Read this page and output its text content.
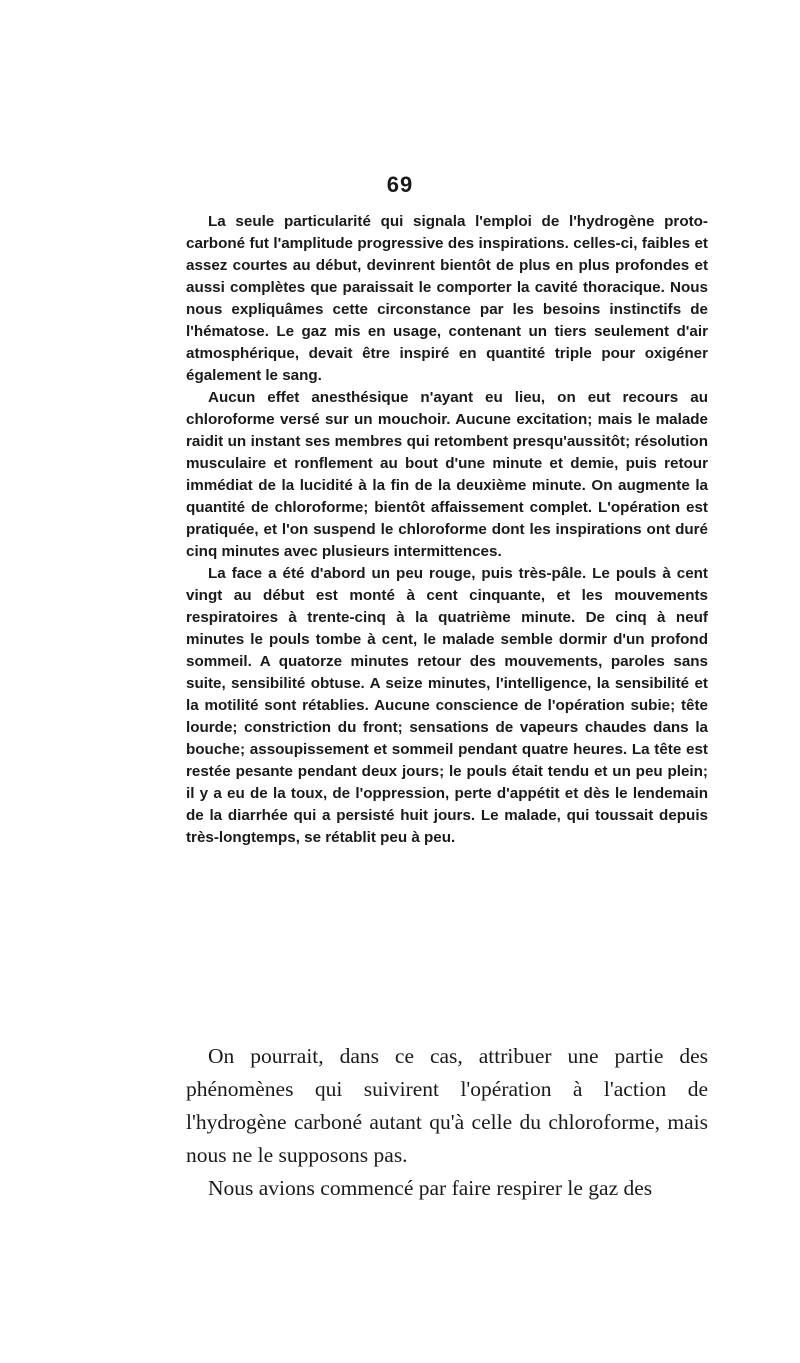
69

La seule particularité qui signala l'emploi de l'hydrogène proto-carboné fut l'amplitude progressive des inspirations. celles-ci, faibles et assez courtes au début, devinrent bientôt de plus en plus profondes et aussi complètes que paraissait le comporter la cavité thoracique. Nous nous expliquâmes cette circonstance par les besoins instinctifs de l'hématose. Le gaz mis en usage, contenant un tiers seulement d'air atmosphérique, devait être inspiré en quantité triple pour oxigéner également le sang.

Aucun effet anesthésique n'ayant eu lieu, on eut recours au chloroforme versé sur un mouchoir. Aucune excitation; mais le malade raidit un instant ses membres qui retombent presqu'aussitôt; résolution musculaire et ronflement au bout d'une minute et demie, puis retour immédiat de la lucidité à la fin de la deuxième minute. On augmente la quantité de chloroforme; bientôt affaissement complet. L'opération est pratiquée, et l'on suspend le chloroforme dont les inspirations ont duré cinq minutes avec plusieurs intermittences.

La face a été d'abord un peu rouge, puis très-pâle. Le pouls à cent vingt au début est monté à cent cinquante, et les mouvements respiratoires à trente-cinq à la quatrième minute. De cinq à neuf minutes le pouls tombe à cent, le malade semble dormir d'un profond sommeil. A quatorze minutes retour des mouvements, paroles sans suite, sensibilité obtuse. A seize minutes, l'intelligence, la sensibilité et la motilité sont rétablies. Aucune conscience de l'opération subie; tête lourde; constriction du front; sensations de vapeurs chaudes dans la bouche; assoupissement et sommeil pendant quatre heures. La tête est restée pesante pendant deux jours; le pouls était tendu et un peu plein; il y a eu de la toux, de l'oppression, perte d'appétit et dès le lendemain de la diarrhée qui a persisté huit jours. Le malade, qui toussait depuis très-longtemps, se rétablit peu à peu.

On pourrait, dans ce cas, attribuer une partie des phénomènes qui suivirent l'opération à l'action de l'hydrogène carboné autant qu'à celle du chloroforme, mais nous ne le supposons pas.

Nous avions commencé par faire respirer le gaz des
